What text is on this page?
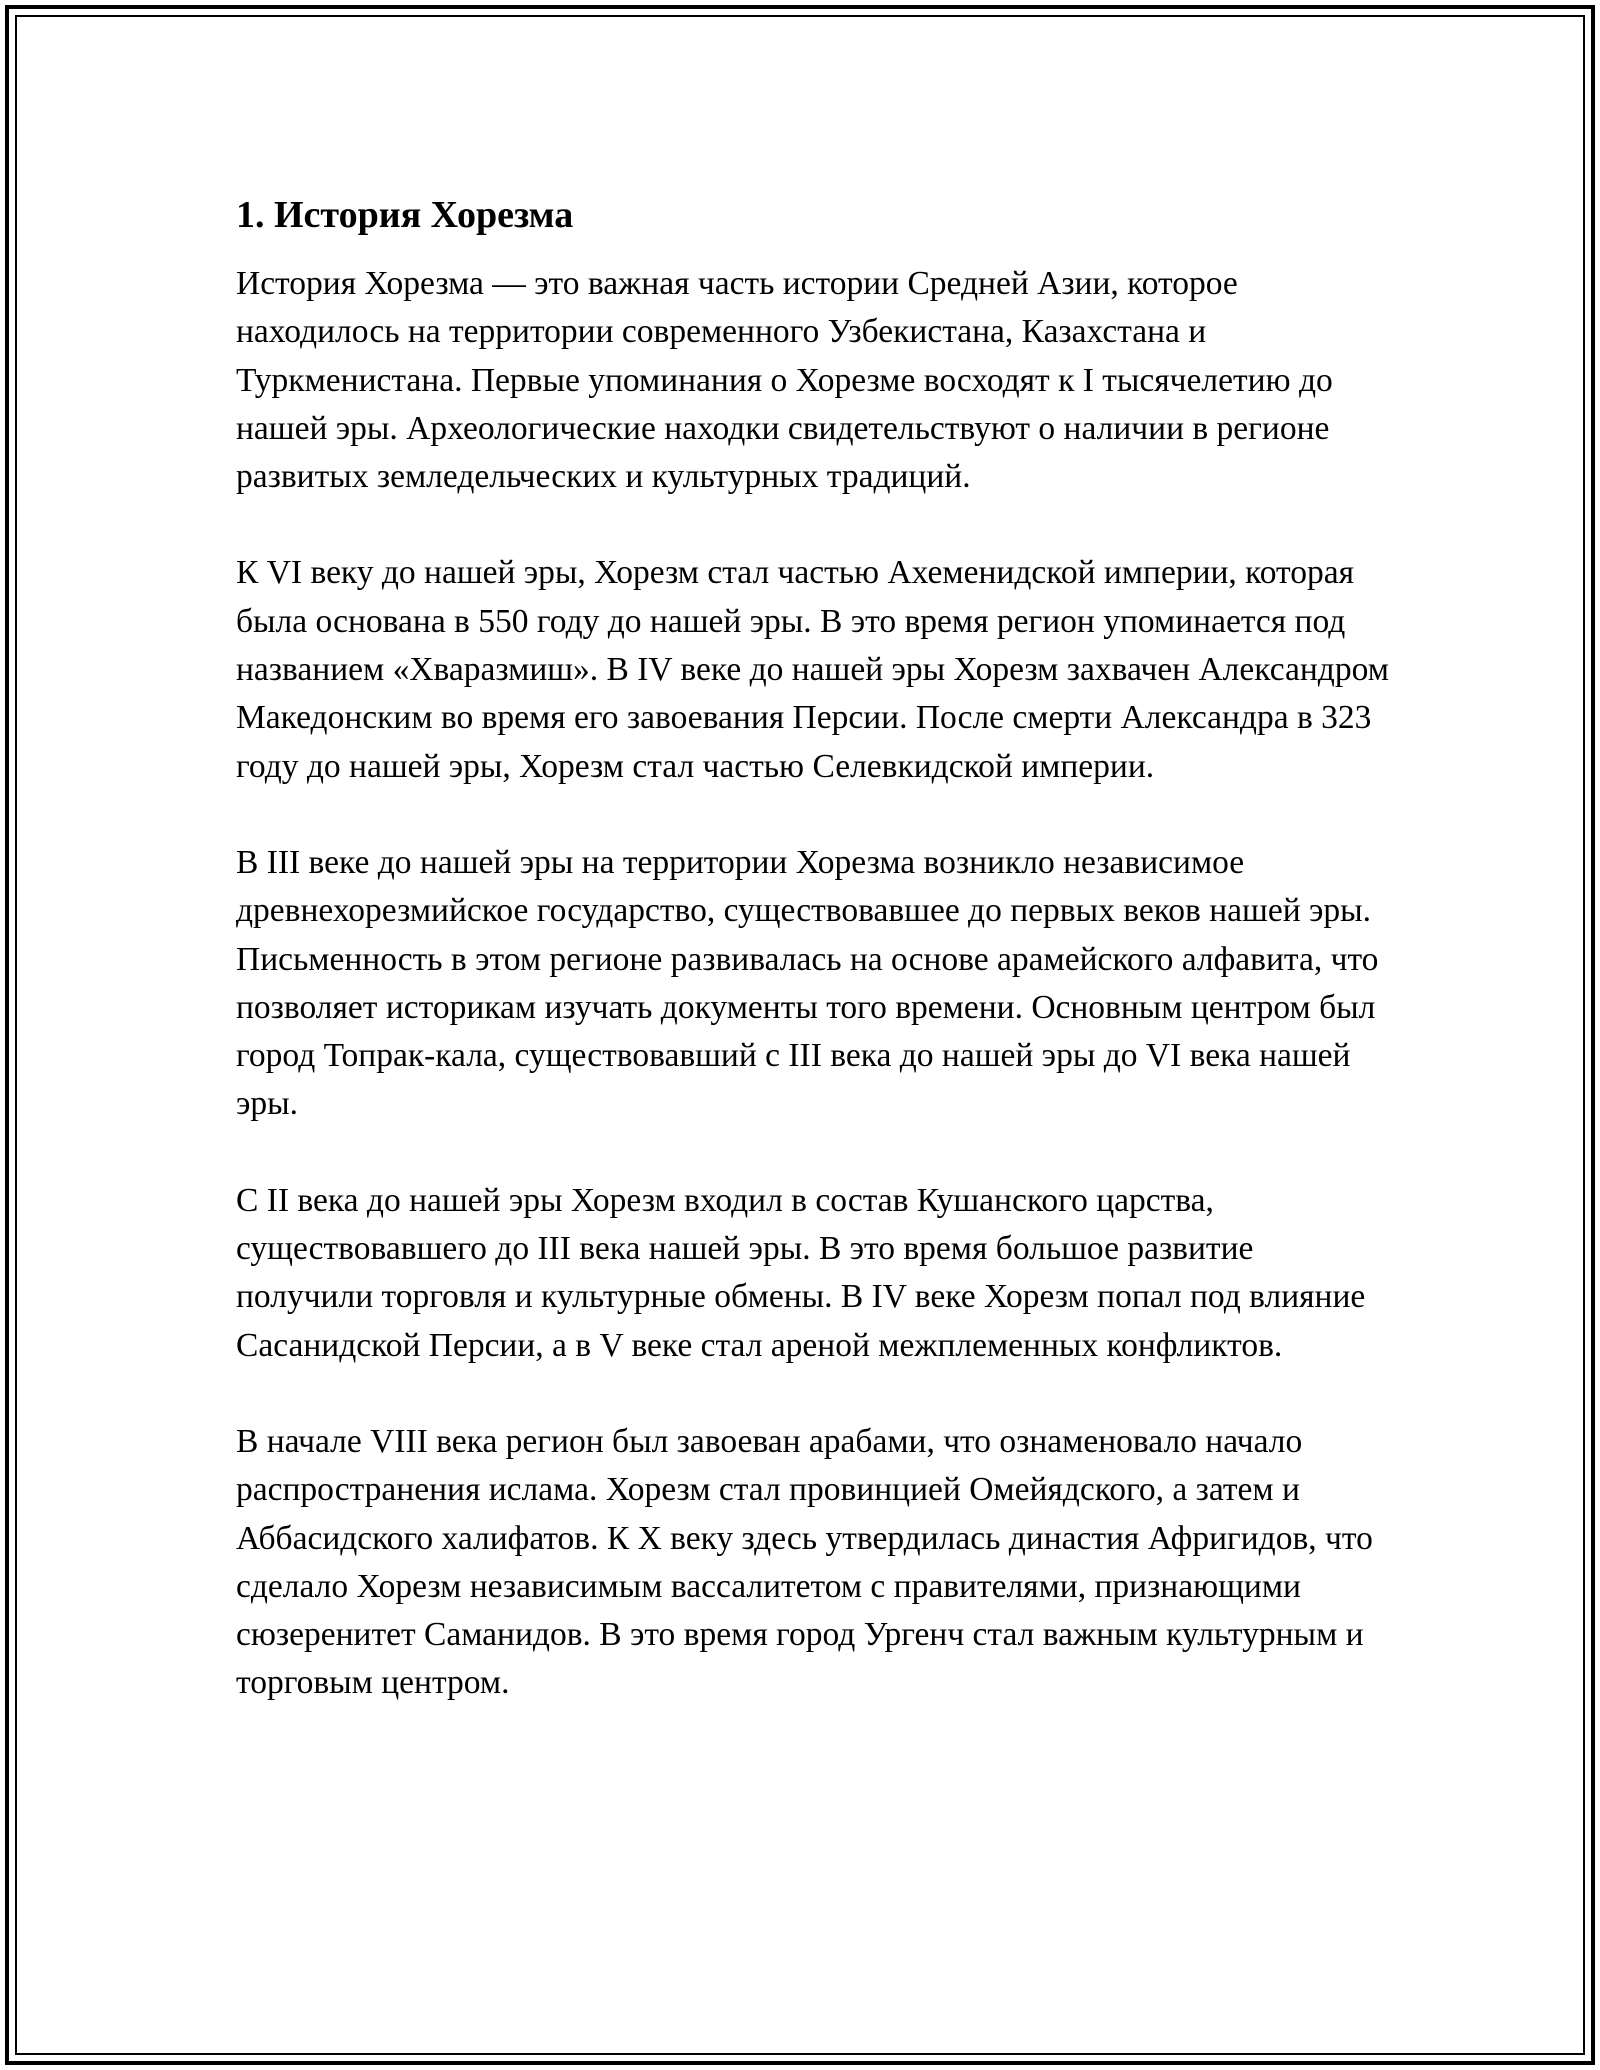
1. История Хорезма

История Хорезма — это важная часть истории Средней Азии, которое находилось на территории современного Узбекистана, Казахстана и Туркменистана. Первые упоминания о Хорезме восходят к I тысячелетию до нашей эры. Археологические находки свидетельствуют о наличии в регионе развитых земледельческих и культурных традиций.

К VI веку до нашей эры, Хорезм стал частью Ахеменидской империи, которая была основана в 550 году до нашей эры. В это время регион упоминается под названием «Хваразмиш». В IV веке до нашей эры Хорезм захвачен Александром Македонским во время его завоевания Персии. После смерти Александра в 323 году до нашей эры, Хорезм стал частью Селевкидской империи.

В III веке до нашей эры на территории Хорезма возникло независимое древнехорезмийское государство, существовавшее до первых веков нашей эры. Письменность в этом регионе развивалась на основе арамейского алфавита, что позволяет историкам изучать документы того времени. Основным центром был город Топрак-кала, существовавший с III века до нашей эры до VI века нашей эры.

С II века до нашей эры Хорезм входил в состав Кушанского царства, существовавшего до III века нашей эры. В это время большое развитие получили торговля и культурные обмены. В IV веке Хорезм попал под влияние Сасанидской Персии, а в V веке стал ареной межплеменных конфликтов.

В начале VIII века регион был завоеван арабами, что ознаменовало начало распространения ислама. Хорезм стал провинцией Омейядского, а затем и Аббасидского халифатов. К X веку здесь утвердилась династия Афригидов, что сделало Хорезм независимым вассалитетом с правителями, признающими сюзеренитет Саманидов. В это время город Ургенч стал важным культурным и торговым центром.
